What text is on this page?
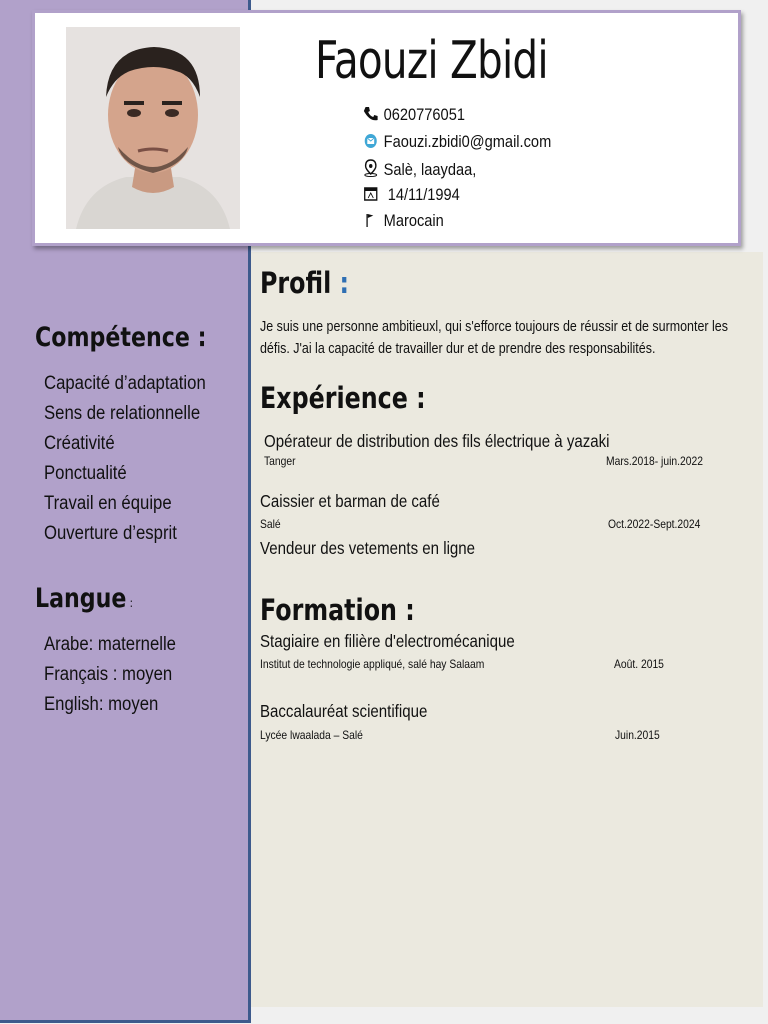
Faouzi Zbidi
0620776051
Faouzi.zbidi0@gmail.com
Salè, laaydaa,
14/11/1994
Marocain
Compétence :
Capacité d’adaptation
Sens de relationnelle
Créativité
Ponctualité
Travail en équipe
Ouverture d’esprit
Langue :
Arabe: maternelle
Français : moyen
English: moyen
Profil :
Je suis une personne ambitieuxl, qui s'efforce toujours de réussir et de surmonter les défis. J'ai la capacité de travailler dur et de prendre des responsabilités.
Expérience :
Opérateur de distribution des fils électrique à yazaki
Tanger	Mars.2018- juin.2022
Caissier et barman de café
Salé	Oct.2022-Sept.2024
Vendeur des vetements en ligne
Formation :
Stagiaire en filière d'electromécanique
Institut de technologie appliqué, salé hay Salaam	Août. 2015
Baccalauréat scientifique
Lycée lwaalada – Salé	Juin.2015
